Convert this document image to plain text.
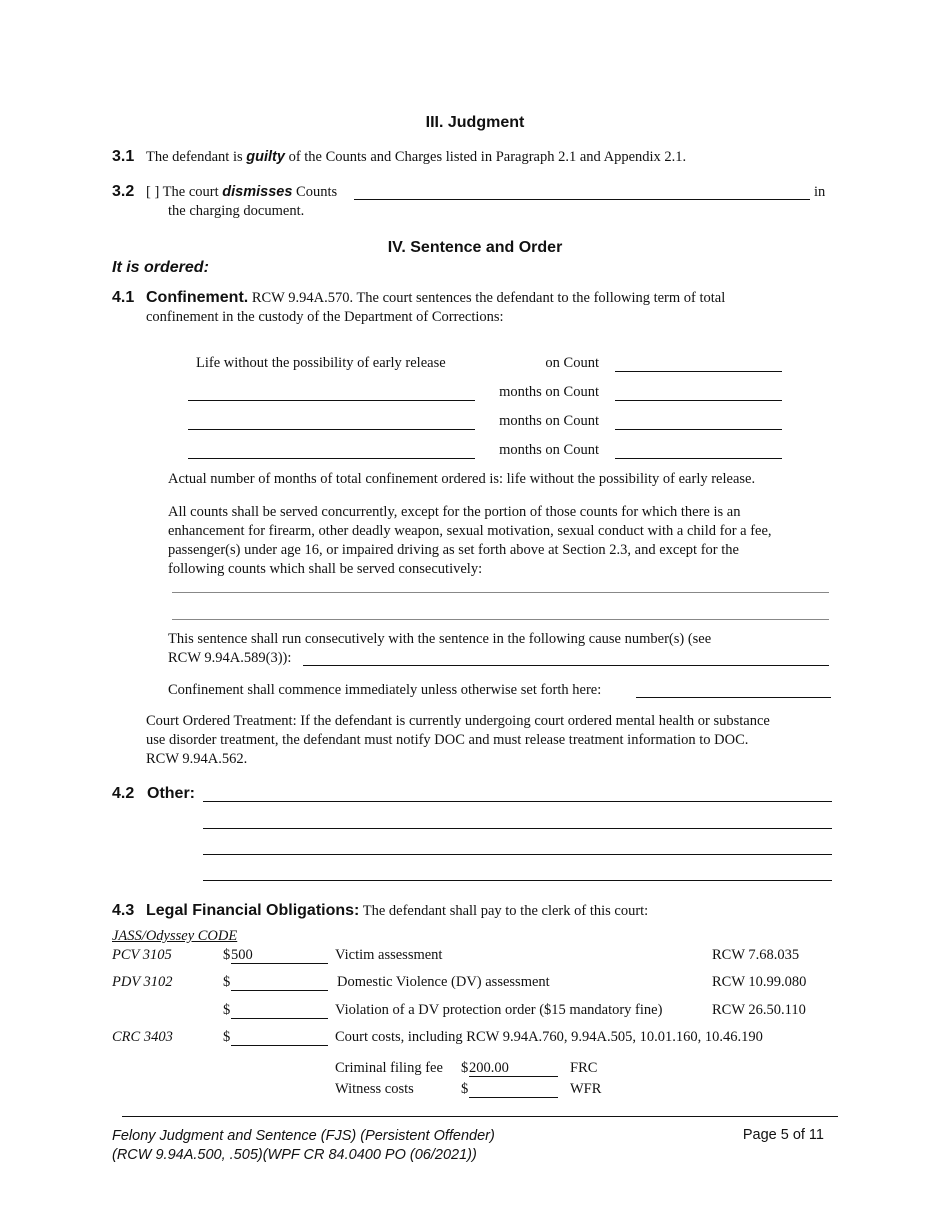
III. Judgment
3.1 The defendant is guilty of the Counts and Charges listed in Paragraph 2.1 and Appendix 2.1.
3.2 [ ] The court dismisses Counts	in
the charging document.
IV. Sentence and Order
It is ordered:
4.1 Confinement. RCW 9.94A.570. The court sentences the defendant to the following term of total
confinement in the custody of the Department of Corrections:
Life without the possibility of early release	on Count
months on Count
months on Count
months on Count
Actual number of months of total confinement ordered is: life without the possibility of early release.
All counts shall be served concurrently, except for the portion of those counts for which there is an
enhancement for firearm, other deadly weapon, sexual motivation, sexual conduct with a child for a fee,
passenger(s) under age 16, or impaired driving as set forth above at Section 2.3, and except for the
following counts which shall be served consecutively:
This sentence shall run consecutively with the sentence in the following cause number(s) (see
RCW 9.94A.589(3)):
Confinement shall commence immediately unless otherwise set forth here:
Court Ordered Treatment: If the defendant is currently undergoing court ordered mental health or substance
use disorder treatment, the defendant must notify DOC and must release treatment information to DOC.
RCW 9.94A.562.
4.2 Other:
4.3 Legal Financial Obligations: The defendant shall pay to the clerk of this court:
JASS/Odyssey CODE
PCV 3105	$ 500	Victim assessment	RCW 7.68.035
PDV 3102	$	Domestic Violence (DV) assessment	RCW 10.99.080
$	Violation of a DV protection order ($15 mandatory fine)	RCW 26.50.110
CRC 3403	$	Court costs, including RCW 9.94A.760, 9.94A.505, 10.01.160, 10.46.190
Criminal filing fee $ 200.00	FRC
Witness costs	$	WFR
Felony Judgment and Sentence (FJS) (Persistent Offender)
(RCW 9.94A.500, .505)(WPF CR 84.0400 PO (06/2021))
Page 5 of 11
